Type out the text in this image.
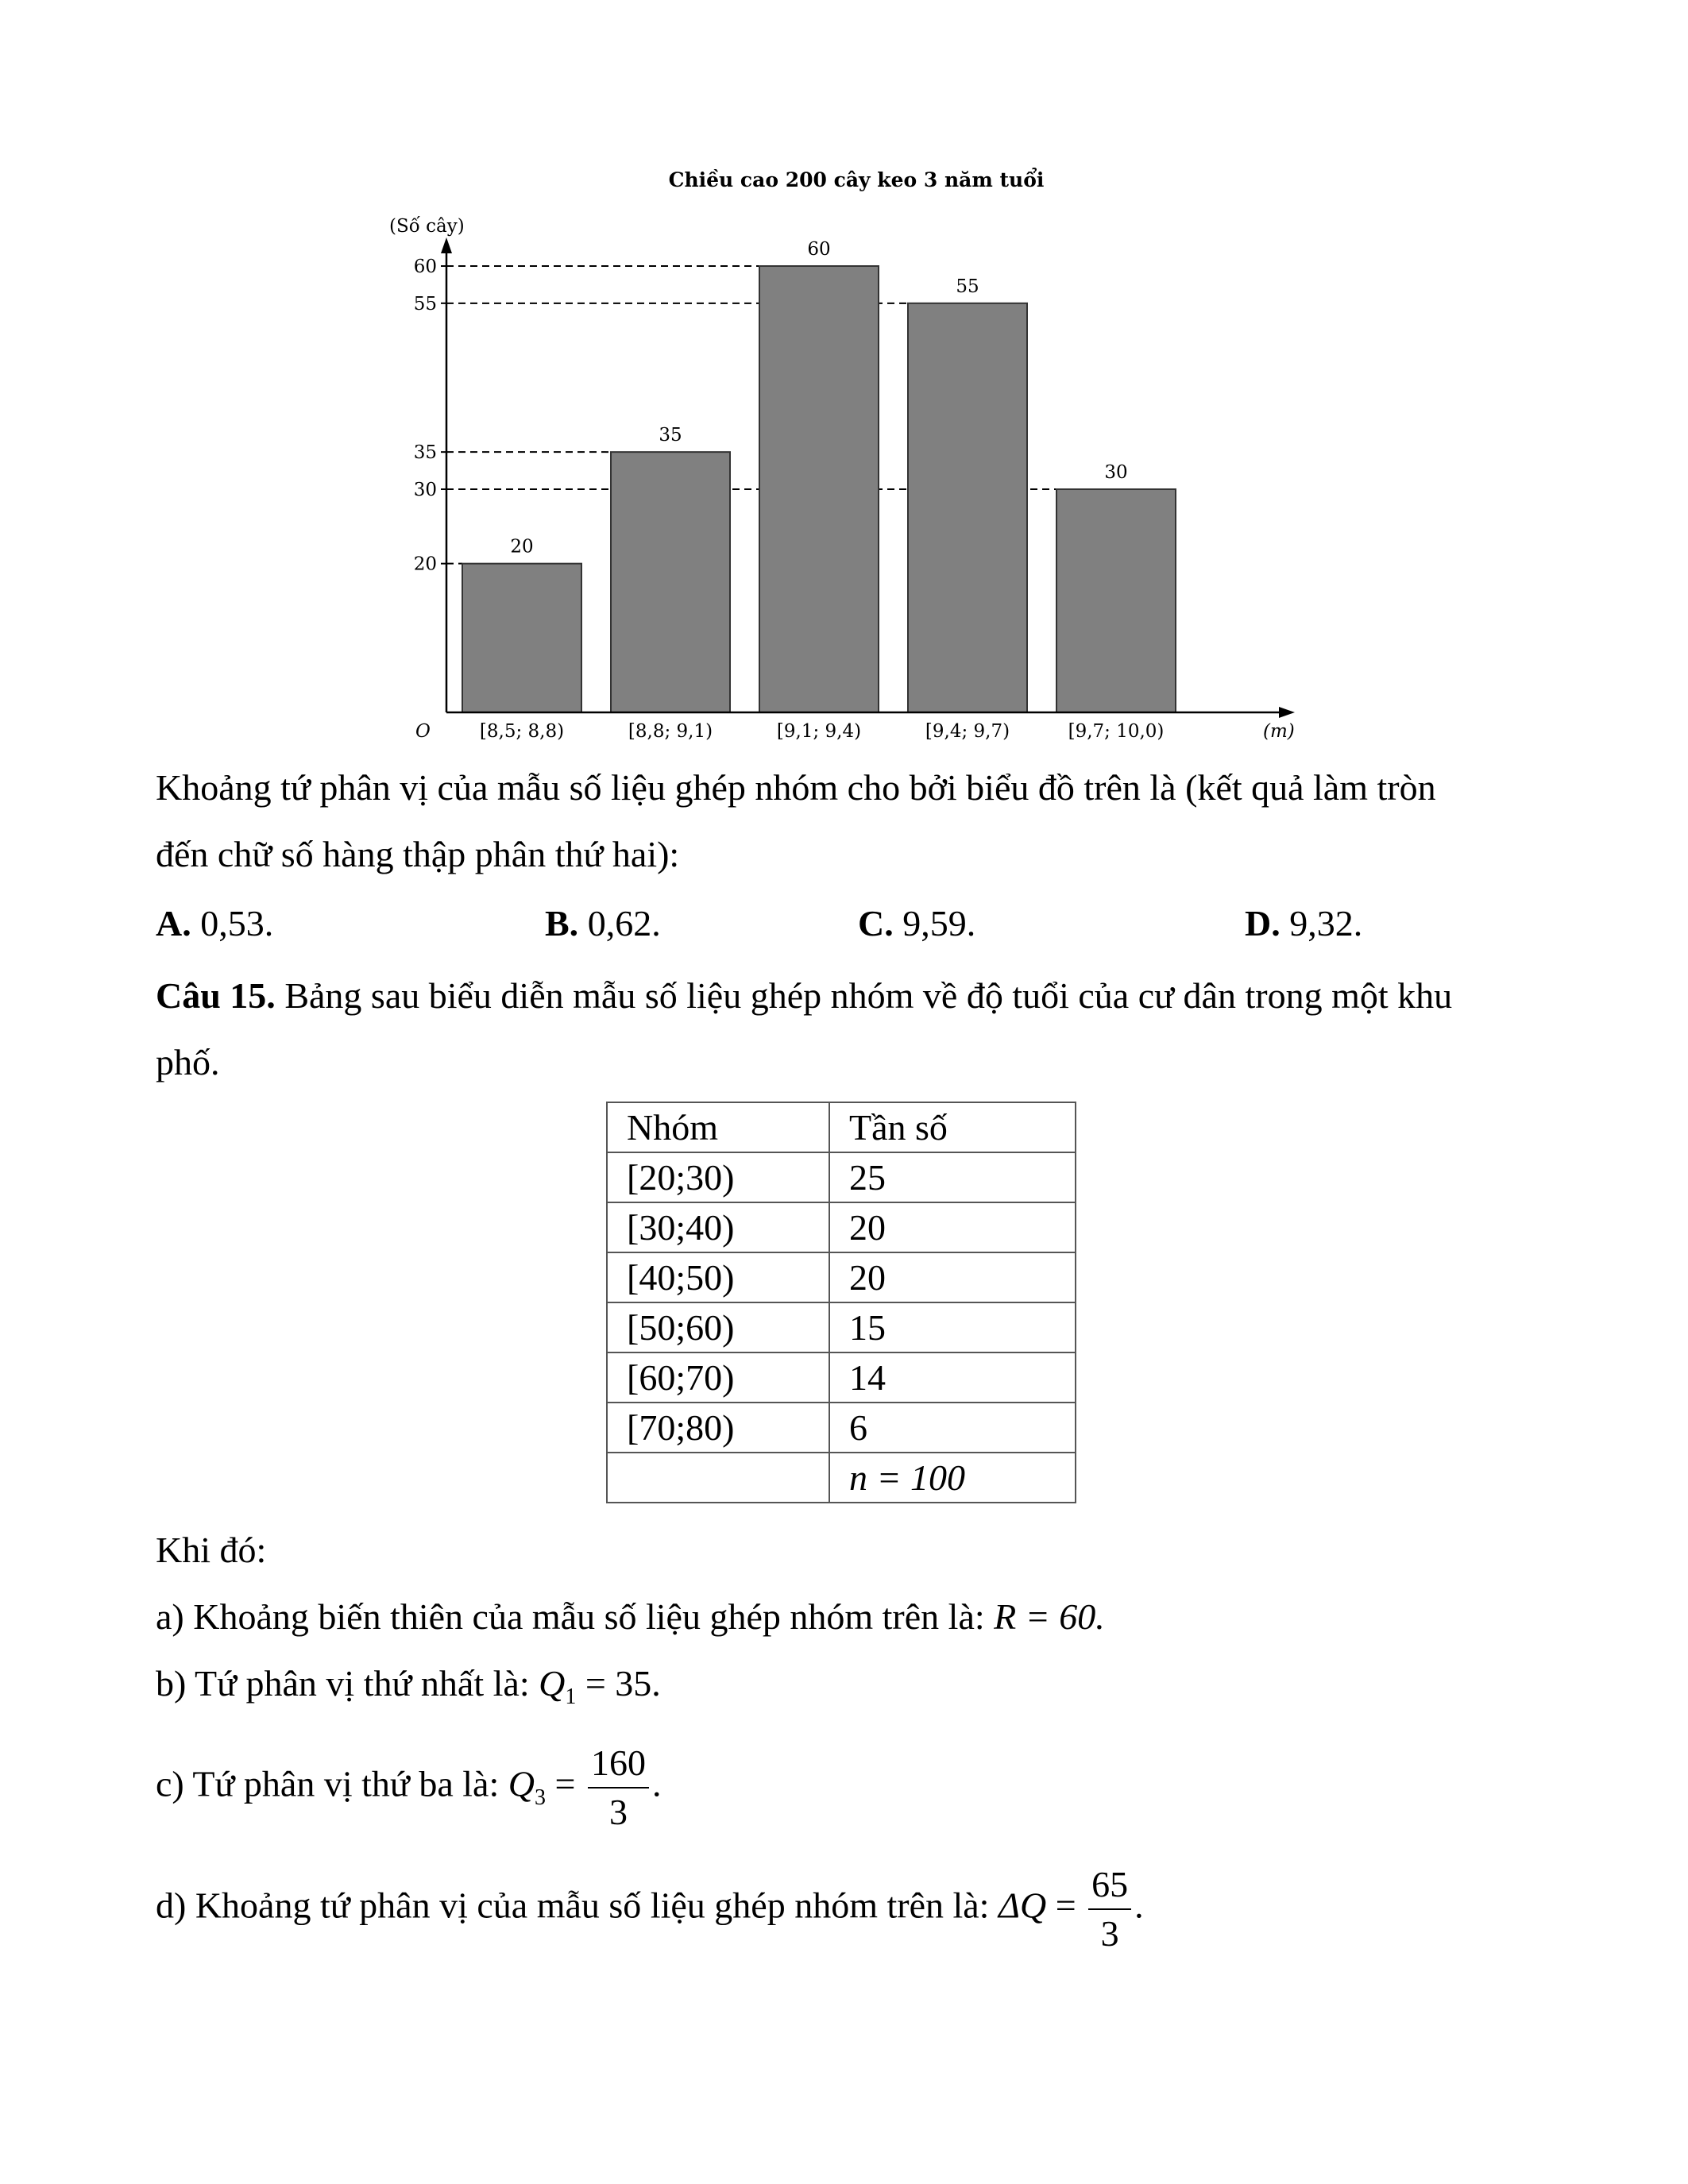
Chiều cao 200 cây keo 3 năm tuổi
(Số cây)
(m)
O
20
30
35
55
60
20
35
60
55
30
[8,5; 8,8)	[8,8; 9,1)	[9,1; 9,4)	[9,4; 9,7)	[9,7; 10,0)
Khoảng tứ phân vị của mẫu số liệu ghép nhóm cho bởi biểu đồ trên là (kết quả làm tròn
đến chữ số hàng thập phân thứ hai):
A. 0,53.	B. 0,62.	C. 9,59.	D. 9,32.
Câu 15. Bảng sau biểu diễn mẫu số liệu ghép nhóm về độ tuổi của cư dân trong một khu
phố.
Nhóm	Tần số
[20;30)	25
[30;40)	20
[40;50)	20
[50;60)	15
[60;70)	14
[70;80)	6
	n = 100
Khi đó:
a) Khoảng biến thiên của mẫu số liệu ghép nhóm trên là: R = 60.
b) Tứ phân vị thứ nhất là: $Q_1 = 35$.
c) Tứ phân vị thứ ba là: $Q_3 = \frac{160}{3}$ .
d) Khoảng tứ phân vị của mẫu số liệu ghép nhóm trên là: $\Delta Q = \frac{65}{3}$ .
